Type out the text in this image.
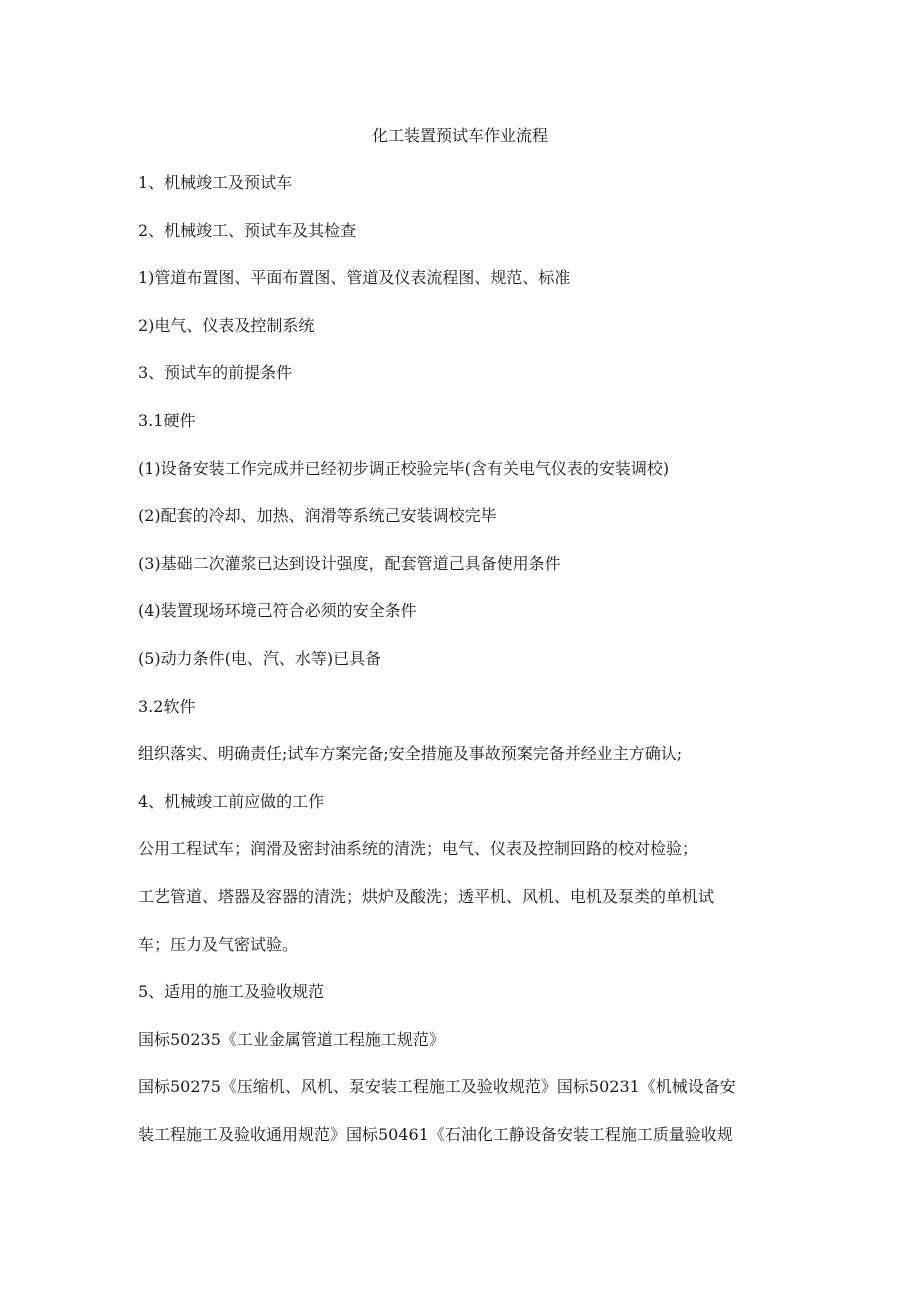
化工装置预试车作业流程
1、机械竣工及预试车
2、机械竣工、预试车及其检查
1)管道布置图、平面布置图、管道及仪表流程图、规范、标准
2)电气、仪表及控制系统
3、预试车的前提条件
3.1硬件
(1)设备安装工作完成并已经初步调正校验完毕(含有关电气仪表的安装调校)
(2)配套的冷却、加热、润滑等系统己安装调校完毕
(3)基础二次灌浆已达到设计强度，配套管道己具备使用条件
(4)装置现场环境己符合必须的安全条件
(5)动力条件(电、汽、水等)已具备
3.2软件
组织落实、明确责任;试车方案完备;安全措施及事故预案完备并经业主方确认;
4、机械竣工前应做的工作
公用工程试车；润滑及密封油系统的清洗；电气、仪表及控制回路的校对检验；
工艺管道、塔器及容器的清洗；烘炉及酸洗；透平机、风机、电机及泵类的单机试
车；压力及气密试验。
5、适用的施工及验收规范
国标50235《工业金属管道工程施工规范》
国标50275《压缩机、风机、泵安装工程施工及验收规范》国标50231《机械设备安
装工程施工及验收通用规范》国标50461《石油化工静设备安装工程施工质量验收规
